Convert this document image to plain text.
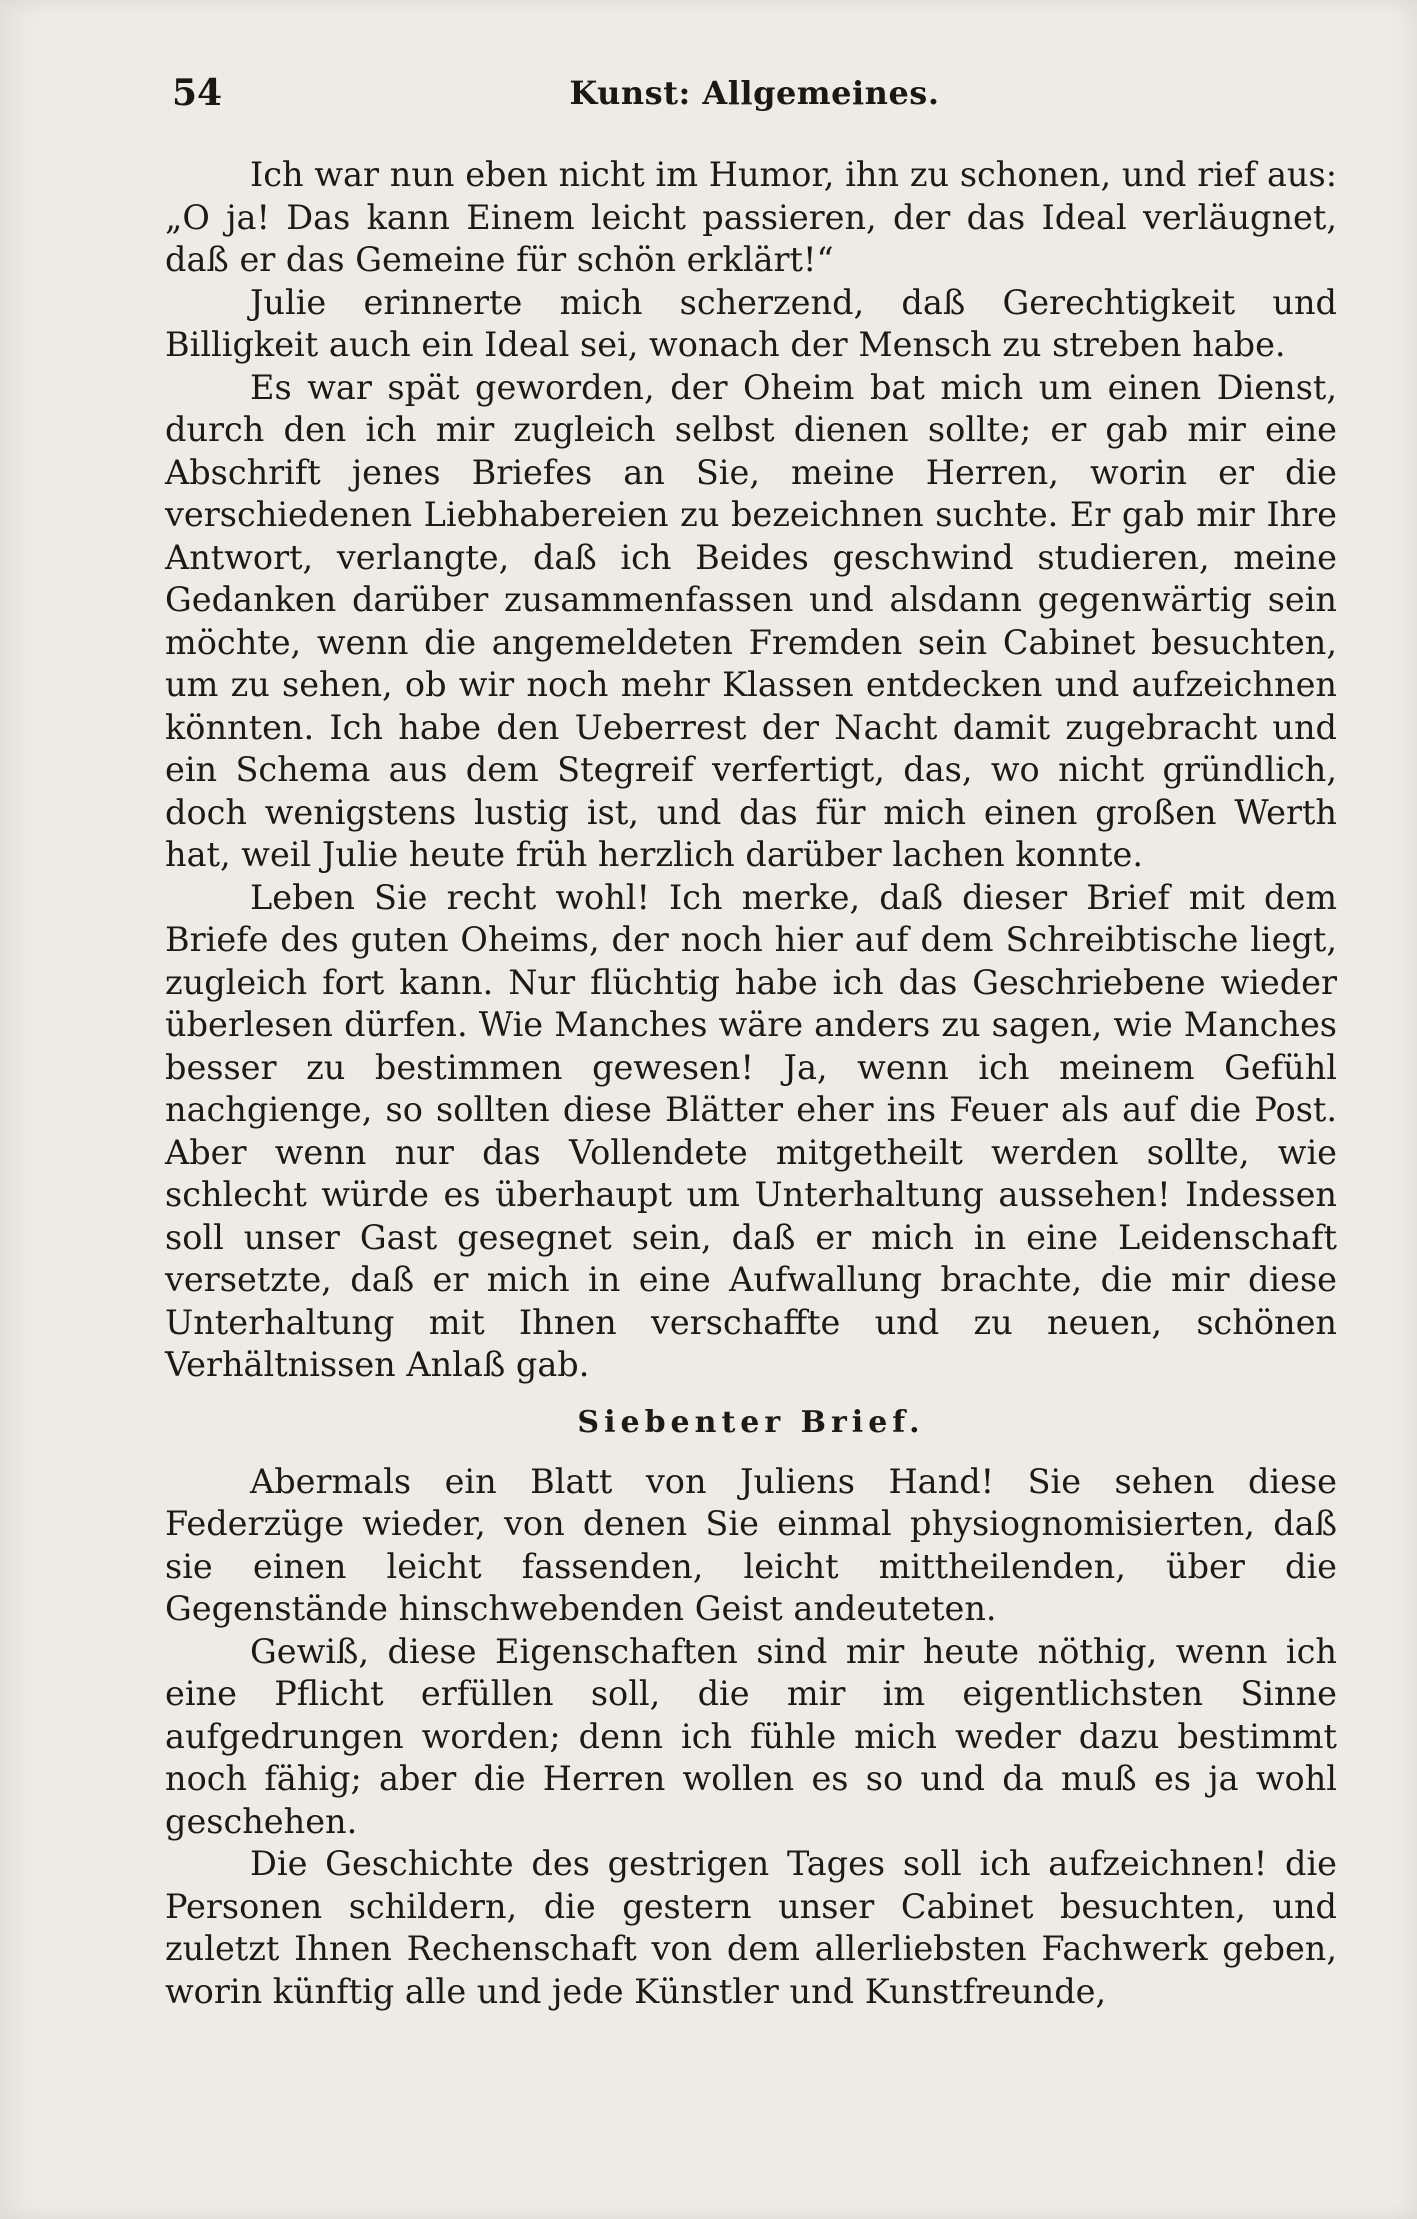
54	Kunst: Allgemeines.

Ich war nun eben nicht im Humor, ihn zu schonen, und rief aus: „O ja! Das kann Einem leicht passieren, der das Ideal verläugnet, daß er das Gemeine für schön erklärt!“

Julie erinnerte mich scherzend, daß Gerechtigkeit und Billigkeit auch ein Ideal sei, wonach der Mensch zu streben habe.

Es war spät geworden, der Oheim bat mich um einen Dienst, durch den ich mir zugleich selbst dienen sollte; er gab mir eine Abschrift jenes Briefes an Sie, meine Herren, worin er die verschiedenen Liebhabereien zu bezeichnen suchte. Er gab mir Ihre Antwort, verlangte, daß ich Beides geschwind studieren, meine Gedanken darüber zusammenfassen und alsdann gegenwärtig sein möchte, wenn die angemeldeten Fremden sein Cabinet besuchten, um zu sehen, ob wir noch mehr Klassen entdecken und aufzeichnen könnten. Ich habe den Ueberrest der Nacht damit zugebracht und ein Schema aus dem Stegreif verfertigt, das, wo nicht gründlich, doch wenigstens lustig ist, und das für mich einen großen Werth hat, weil Julie heute früh herzlich darüber lachen konnte.

Leben Sie recht wohl! Ich merke, daß dieser Brief mit dem Briefe des guten Oheims, der noch hier auf dem Schreibtische liegt, zugleich fort kann. Nur flüchtig habe ich das Geschriebene wieder überlesen dürfen. Wie Manches wäre anders zu sagen, wie Manches besser zu bestimmen gewesen! Ja, wenn ich meinem Gefühl nachgienge, so sollten diese Blätter eher ins Feuer als auf die Post. Aber wenn nur das Vollendete mitgetheilt werden sollte, wie schlecht würde es überhaupt um Unterhaltung aussehen! Indessen soll unser Gast gesegnet sein, daß er mich in eine Leidenschaft versetzte, daß er mich in eine Aufwallung brachte, die mir diese Unterhaltung mit Ihnen verschaffte und zu neuen, schönen Verhältnissen Anlaß gab.

Siebenter Brief.

Abermals ein Blatt von Juliens Hand! Sie sehen diese Federzüge wieder, von denen Sie einmal physiognomisierten, daß sie einen leicht fassenden, leicht mittheilenden, über die Gegenstände hinschwebenden Geist andeuteten.

Gewiß, diese Eigenschaften sind mir heute nöthig, wenn ich eine Pflicht erfüllen soll, die mir im eigentlichsten Sinne aufgedrungen worden; denn ich fühle mich weder dazu bestimmt noch fähig; aber die Herren wollen es so und da muß es ja wohl geschehen.

Die Geschichte des gestrigen Tages soll ich aufzeichnen! die Personen schildern, die gestern unser Cabinet besuchten, und zuletzt Ihnen Rechenschaft von dem allerliebsten Fachwerk geben, worin künftig alle und jede Künstler und Kunstfreunde,
